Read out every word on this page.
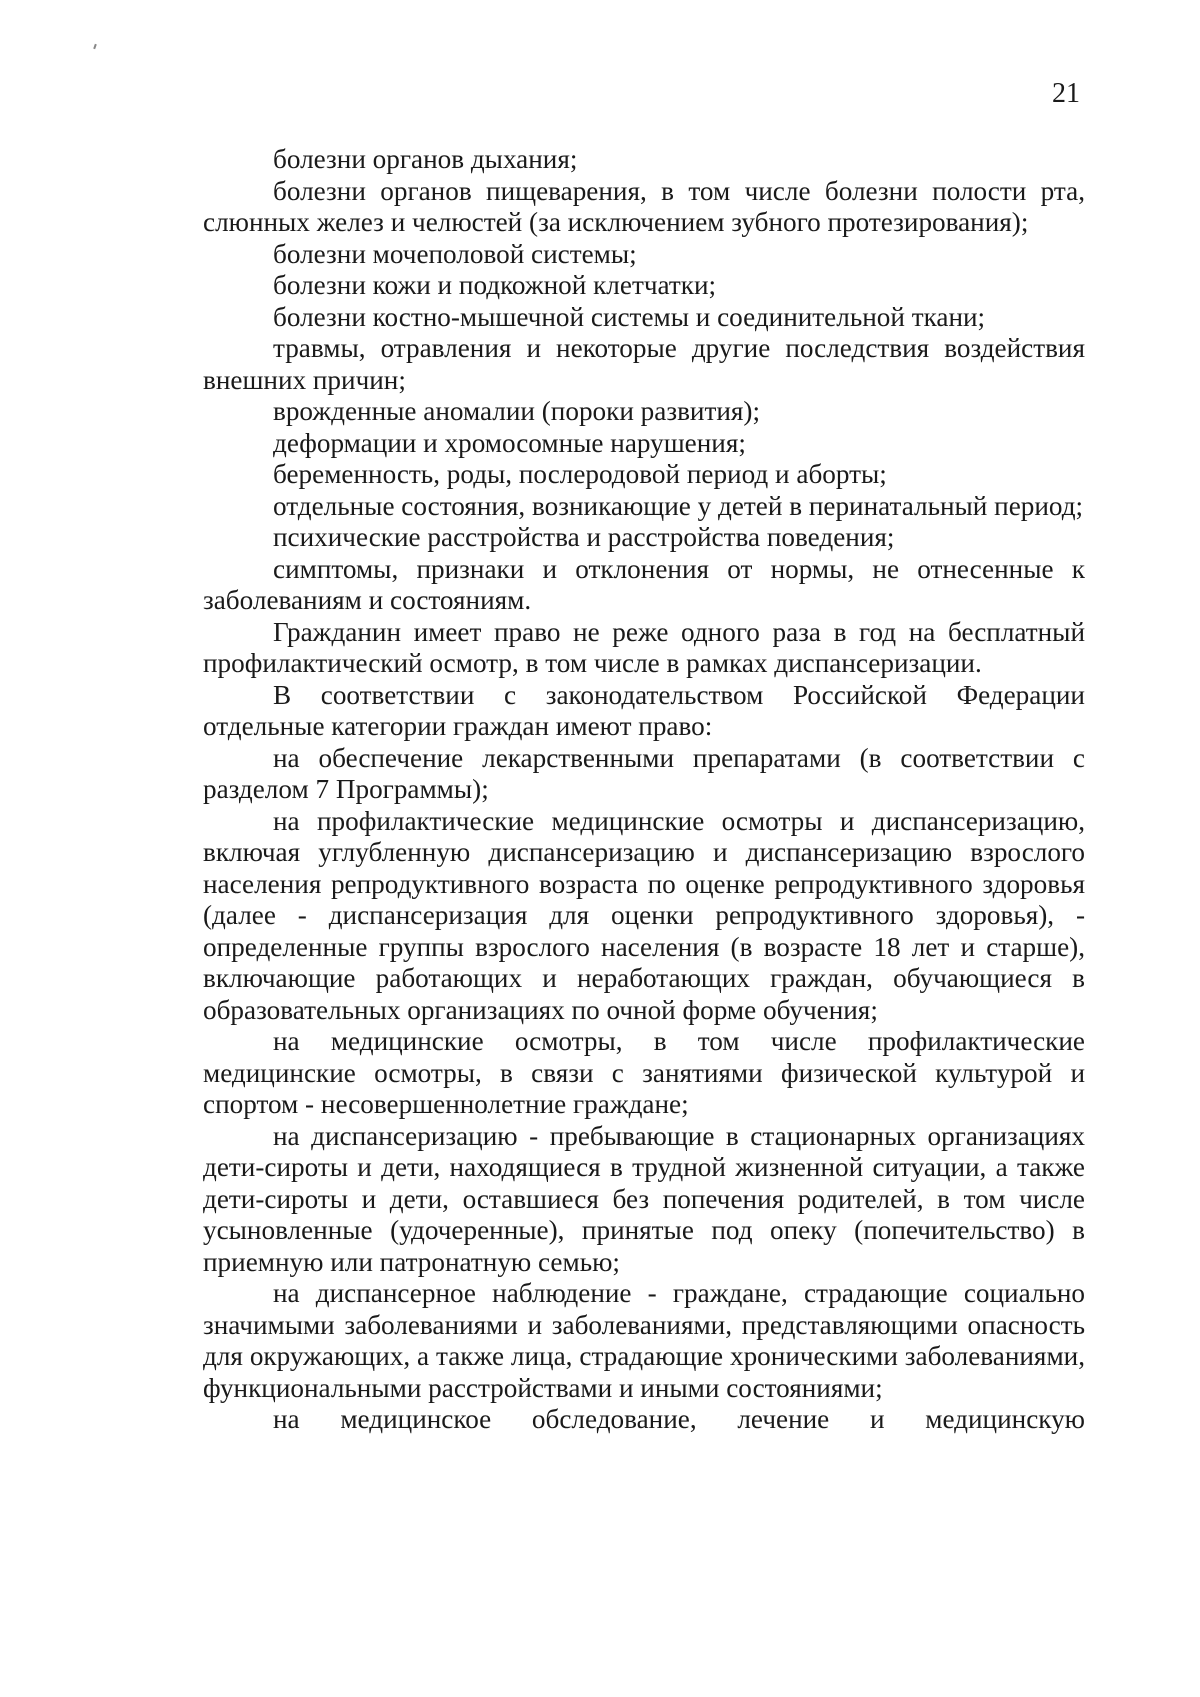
21

болезни органов дыхания;

болезни органов пищеварения, в том числе болезни полости рта, слюнных желез и челюстей (за исключением зубного протезирования);

болезни мочеполовой системы;

болезни кожи и подкожной клетчатки;

болезни костно-мышечной системы и соединительной ткани;

травмы, отравления и некоторые другие последствия воздействия внешних причин;

врожденные аномалии (пороки развития);

деформации и хромосомные нарушения;

беременность, роды, послеродовой период и аборты;

отдельные состояния, возникающие у детей в перинатальный период;

психические расстройства и расстройства поведения;

симптомы, признаки и отклонения от нормы, не отнесенные к заболеваниям и состояниям.

Гражданин имеет право не реже одного раза в год на бесплатный профилактический осмотр, в том числе в рамках диспансеризации.

В соответствии с законодательством Российской Федерации отдельные категории граждан имеют право:

на обеспечение лекарственными препаратами (в соответствии с разделом 7 Программы);

на профилактические медицинские осмотры и диспансеризацию, включая углубленную диспансеризацию и диспансеризацию взрослого населения репродуктивного возраста по оценке репродуктивного здоровья (далее - диспансеризация для оценки репродуктивного здоровья), - определенные группы взрослого населения (в возрасте 18 лет и старше), включающие работающих и неработающих граждан, обучающиеся в образовательных организациях по очной форме обучения;

на медицинские осмотры, в том числе профилактические медицинские осмотры, в связи с занятиями физической культурой и спортом - несовершеннолетние граждане;

на диспансеризацию - пребывающие в стационарных организациях дети-сироты и дети, находящиеся в трудной жизненной ситуации, а также дети-сироты и дети, оставшиеся без попечения родителей, в том числе усыновленные (удочеренные), принятые под опеку (попечительство) в приемную или патронатную семью;

на диспансерное наблюдение - граждане, страдающие социально значимыми заболеваниями и заболеваниями, представляющими опасность для окружающих, а также лица, страдающие хроническими заболеваниями, функциональными расстройствами и иными состояниями;

на медицинское обследование, лечение и медицинскую
